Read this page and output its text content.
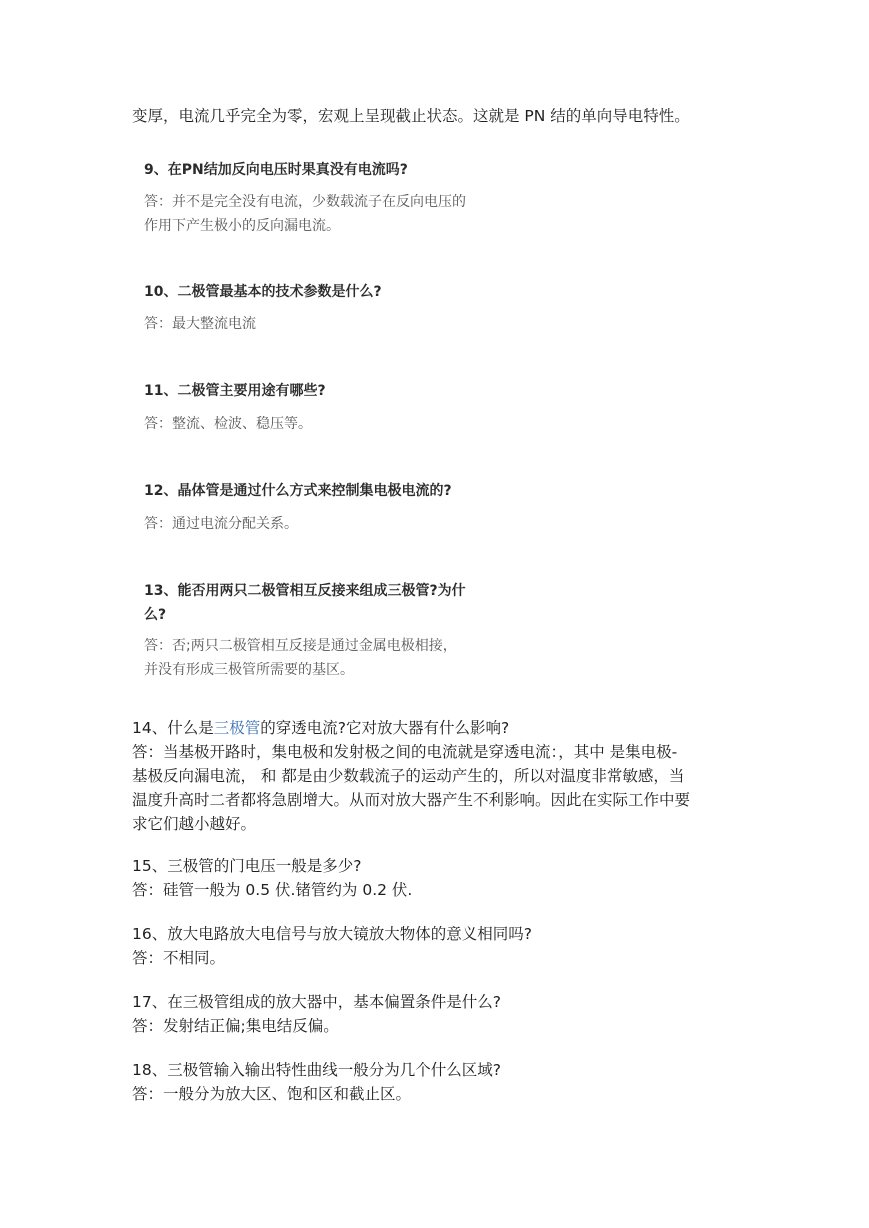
变厚，电流几乎完全为零，宏观上呈现截止状态。这就是 PN 结的单向导电特性。

9、在PN结加反向电压时果真没有电流吗?

答：并不是完全没有电流，少数载流子在反向电压的

作用下产生极小的反向漏电流。

10、二极管最基本的技术参数是什么?

答：最大整流电流

11、二极管主要用途有哪些?

答：整流、检波、稳压等。

12、晶体管是通过什么方式来控制集电极电流的?

答：通过电流分配关系。

13、能否用两只二极管相互反接来组成三极管?为什

么?

答：否;两只二极管相互反接是通过金属电极相接，

并没有形成三极管所需要的基区。

14、什么是三极管的穿透电流?它对放大器有什么影响?

答：当基极开路时，集电极和发射极之间的电流就是穿透电流：，其中 是集电极-

基极反向漏电流， 和 都是由少数载流子的运动产生的，所以对温度非常敏感，当

温度升高时二者都将急剧增大。从而对放大器产生不利影响。因此在实际工作中要

求它们越小越好。

15、三极管的门电压一般是多少?

答：硅管一般为 0.5 伏.锗管约为 0.2 伏.

16、放大电路放大电信号与放大镜放大物体的意义相同吗?

答：不相同。

17、在三极管组成的放大器中，基本偏置条件是什么?

答：发射结正偏;集电结反偏。

18、三极管输入输出特性曲线一般分为几个什么区域?

答：一般分为放大区、饱和区和截止区。
